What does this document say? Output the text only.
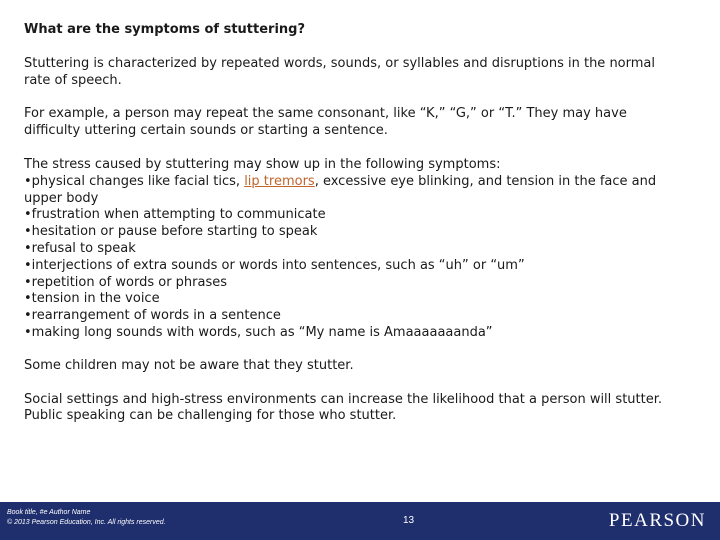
What are the symptoms of stuttering?

Stuttering is characterized by repeated words, sounds, or syllables and disruptions in the normal rate of speech.

For example, a person may repeat the same consonant, like “K,” “G,” or “T.” They may have difficulty uttering certain sounds or starting a sentence.

The stress caused by stuttering may show up in the following symptoms:
• physical changes like facial tics, lip tremors, excessive eye blinking, and tension in the face and upper body
• frustration when attempting to communicate
• hesitation or pause before starting to speak
• refusal to speak
• interjections of extra sounds or words into sentences, such as “uh” or “um”
• repetition of words or phrases
• tension in the voice
• rearrangement of words in a sentence
• making long sounds with words, such as “My name is Amaaaaaaanda”

Some children may not be aware that they stutter.

Social settings and high-stress environments can increase the likelihood that a person will stutter. Public speaking can be challenging for those who stutter.

Book title, #e Author Name
© 2013 Pearson Education, Inc. All rights reserved.	13	PEARSON
